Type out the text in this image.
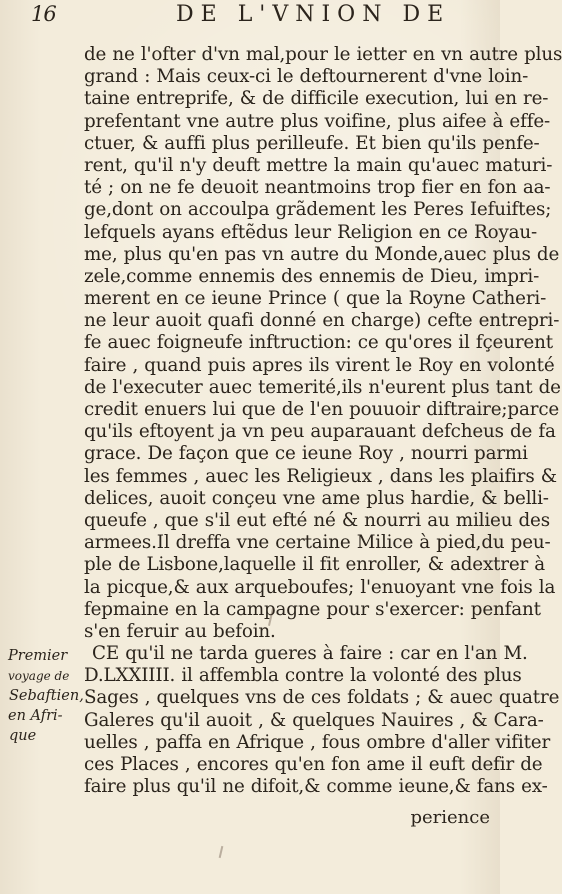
16	DE L'VNION DE
de ne l'ofter d'vn mal,pour le ietter en vn autre plus
grand : Mais ceux-ci le deftournerent d'vne loin-
taine entreprife, & de difficile execution, lui en re-
prefentant vne autre plus voifine, plus aifee à effe-
ctuer, & auffi plus perilleufe. Et bien qu'ils penfe-
rent, qu'il n'y deuft mettre la main qu'auec maturi-
té ; on ne fe deuoit neantmoins trop fier en fon aa-
ge,dont on accoulpa grãdement les Peres Iefuiftes;
lefquels ayans eftẽdus leur Religion en ce Royau-
me, plus qu'en pas vn autre du Monde,auec plus de
zele,comme ennemis des ennemis de Dieu, impri-
merent en ce ieune Prince ( que la Royne Catheri-
ne leur auoit quafi donné en charge) cefte entrepri-
fe auec foigneufe inftruction: ce qu'ores il fçeurent
faire , quand puis apres ils virent le Roy en volonté
de l'executer auec temerité,ils n'eurent plus tant de
credit enuers lui que de l'en pouuoir diftraire;parce
qu'ils eftoyent ja vn peu auparauant defcheus de fa
grace. De façon que ce ieune Roy , nourri parmi
les femmes , auec les Religieux , dans les plaifirs &
delices, auoit conçeu vne ame plus hardie, & belli-
queufe , que s'il eut efté né & nourri au milieu des
armees.Il dreffa vne certaine Milice à pied,du peu-
ple de Lisbone,laquelle il fit enroller, & adextrer à
la picque,& aux arqueboufes; l'enuoyant vne fois la
fepmaine en la campagne pour s'exercer: penfant
s'en feruir au befoin.
CE qu'il ne tarda gueres à faire : car en l'an M.
D.LXXIIII. il affembla contre la volonté des plus
Sages , quelques vns de ces foldats ; & auec quatre
Galeres qu'il auoit , & quelques Nauires , & Cara-
uelles , paffa en Afrique , fous ombre d'aller vifiter
ces Places , encores qu'en fon ame il euft defir de
faire plus qu'il ne difoit,& comme ieune,& fans ex-
Premier
voyage de
Sebaftien,
en Afri-
que
perience
